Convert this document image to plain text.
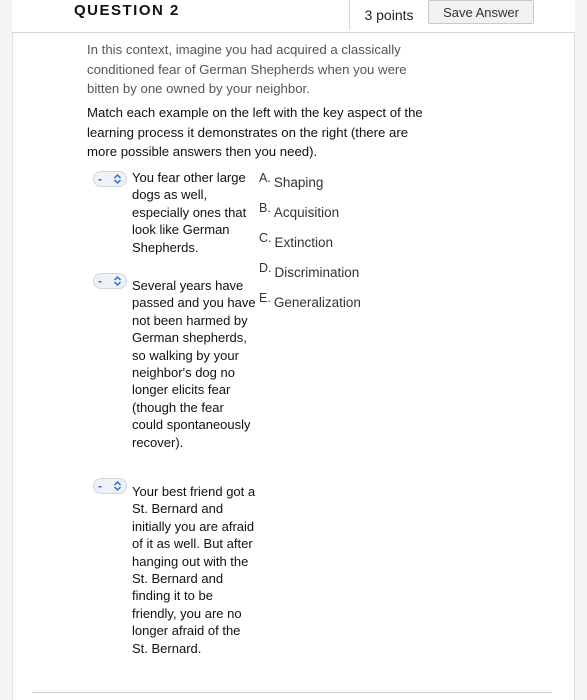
QUESTION 2	3 points	Save Answer

In this context, imagine you had acquired a classically conditioned fear of German Shepherds when you were bitten by one owned by your neighbor.

Match each example on the left with the key aspect of the learning process it demonstrates on the right (there are more possible answers then you need).
- You fear other large dogs as well, especially ones that look like German Shepherds.
- Several years have passed and you have not been harmed by German shepherds, so walking by your neighbor's dog no longer elicits fear (though the fear could spontaneously recover).
- Your best friend got a St. Bernard and initially you are afraid of it as well. But after hanging out with the St. Bernard and finding it to be friendly, you are no longer afraid of the St. Bernard.
A. Shaping
B. Acquisition
C. Extinction
D. Discrimination
E. Generalization
